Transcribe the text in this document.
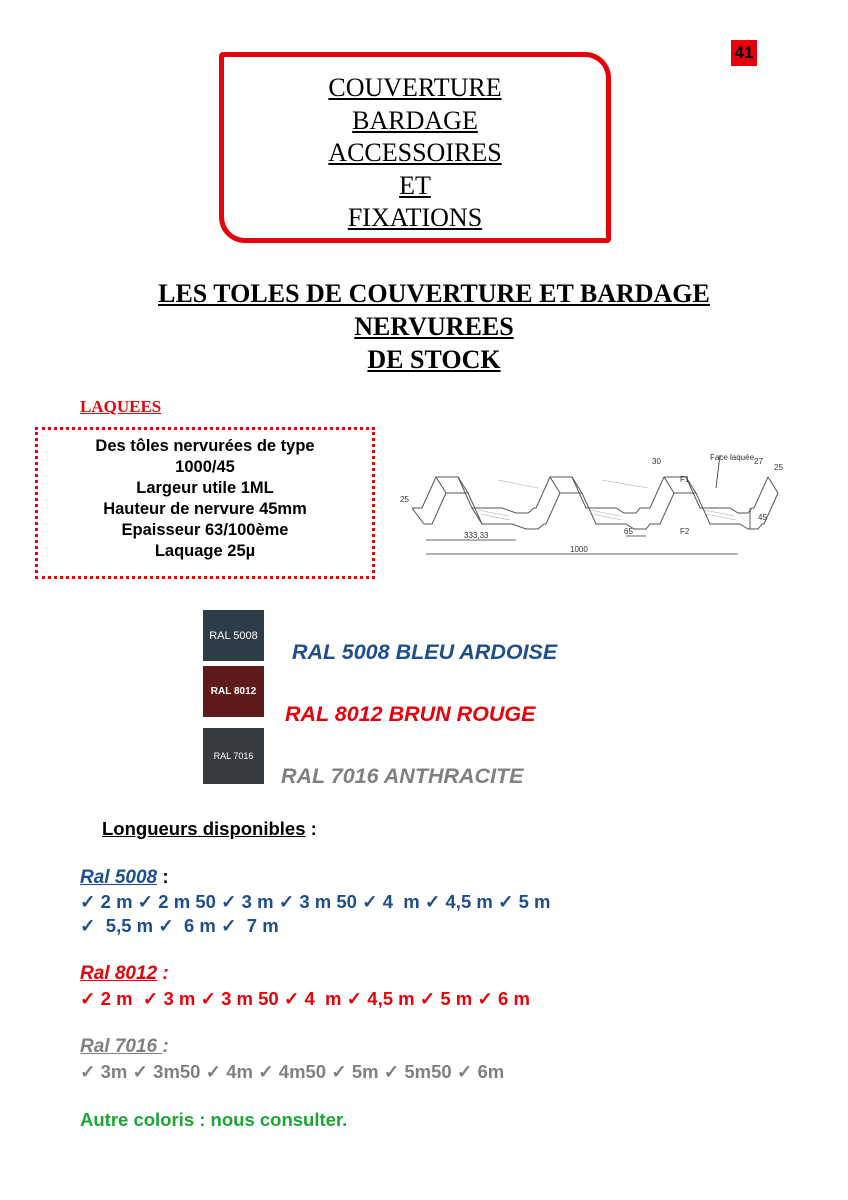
41
COUVERTURE
BARDAGE
ACCESSOIRES
ET
FIXATIONS
LES TOLES DE COUVERTURE ET BARDAGE
NERVUREES
DE STOCK
LAQUEES
Des tôles nervurées de type
1000/45
Largeur utile 1ML
Hauteur de nervure 45mm
Epaisseur 63/100ème
Laquage 25µ
Face laquée
30	27
25
25
45
F1
F2
333,33	65
1000
RAL 5008
RAL 8012
RAL 7016
RAL 5008 BLEU ARDOISE
RAL 8012 BRUN ROUGE
RAL 7016 ANTHRACITE
Longueurs disponibles :
Ral 5008 :
✓ 2 m ✓ 2 m 50 ✓ 3 m ✓ 3 m 50 ✓ 4  m ✓ 4,5 m ✓ 5 m
✓  5,5 m ✓  6 m ✓  7 m
Ral 8012 :
✓ 2 m  ✓ 3 m ✓ 3 m 50 ✓ 4  m ✓ 4,5 m ✓ 5 m ✓ 6 m
Ral 7016 :
✓ 3m ✓ 3m50 ✓ 4m ✓ 4m50 ✓ 5m ✓ 5m50 ✓ 6m
Autre coloris : nous consulter.
